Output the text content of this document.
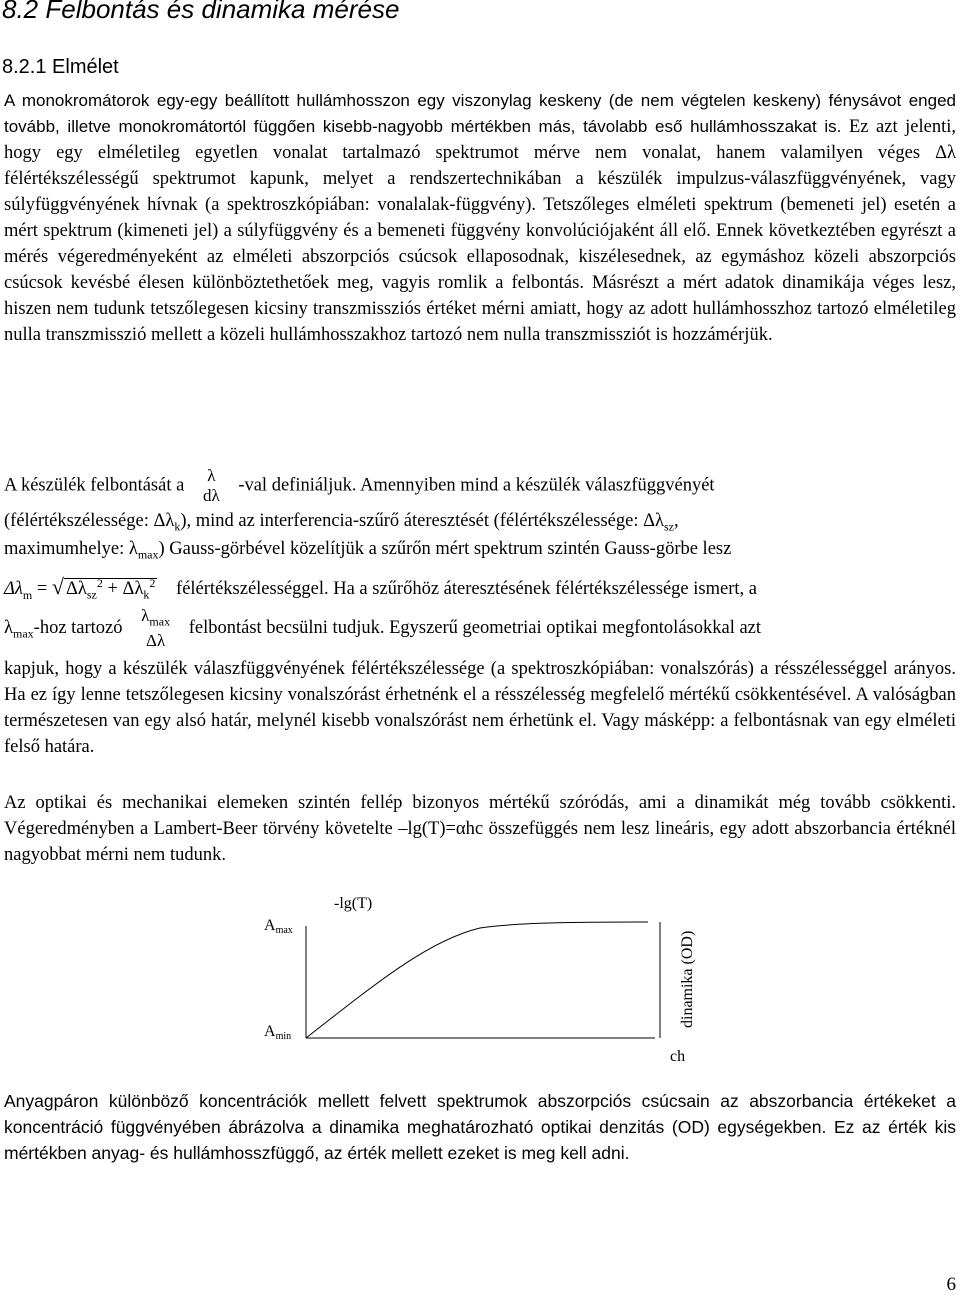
8.2 Felbontás és dinamika mérése
8.2.1 Elmélet

A monokromátorok egy-egy beállított hullámhosszon egy viszonylag keskeny (de nem végtelen keskeny) fénysávot enged tovább, illetve monokromátortól függően kisebb-nagyobb mértékben más, távolabb eső hullámhosszakat is. Ez azt jelenti, hogy egy elméletileg egyetlen vonalat tartalmazó spektrumot mérve nem vonalat, hanem valamilyen véges Δλ félértékszélességű spektrumot kapunk, melyet a rendszertechnikában a készülék impulzus-válaszfüggvényének, vagy súlyfüggvényének hívnak (a spektroszkópiában: vonalalak-függvény). Tetszőleges elméleti spektrum (bemeneti jel) esetén a mért spektrum (kimeneti jel) a súlyfüggvény és a bemeneti függvény konvolúciójaként áll elő. Ennek következtében egyrészt a mérés végeredményeként az elméleti abszorpciós csúcsok ellaposodnak, kiszélesednek, az egymáshoz közeli abszorpciós csúcsok kevésbé élesen különböztethetőek meg, vagyis romlik a felbontás. Másrészt a mért adatok dinamikája véges lesz, hiszen nem tudunk tetszőlegesen kicsiny transzmissziós értéket mérni amiatt, hogy az adott hullámhosszhoz tartozó elméletileg nulla transzmisszió mellett a közeli hullámhosszakhoz tartozó nem nulla transzmissziót is hozzámérjük.

A készülék felbontását a	λ
dλ
-val definiáljuk. Amennyiben mind a készülék válaszfüggvényét
(félértékszélessége: $\Delta\lambda_k$), mind az interferencia-szűrő áteresztését (félértékszélessége: $\Delta\lambda_{sz}$,
maximumhelye: $\lambda_{max}$) Gauss-görbével közelítjük a szűrőn mért spektrum szintén Gauss-görbe lesz
$\Delta\lambda_m$ = √ $\Delta\lambda_{sz}^2 + \Delta\lambda_k^2$ félértékszélességgel. Ha a szűrőhöz áteresztésének félértékszélessége ismert, a
$\lambda_{max}$-hoz tartozó
$\lambda_{max}$
Δλ
felbontást becsülni tudjuk. Egyszerű geometriai optikai megfontolásokkal azt

kapjuk, hogy a készülék válaszfüggvényének félértékszélessége (a spektroszkópiában: vonalszórás) a résszélességgel arányos. Ha ez így lenne tetszőlegesen kicsiny vonalszórást érhetnénk el a résszélesség megfelelő mértékű csökkentésével. A valóságban természetesen van egy alsó határ, melynél kisebb vonalszórást nem érhetünk el. Vagy másképp: a felbontásnak van egy elméleti felső határa.

Az optikai és mechanikai elemeken szintén fellép bizonyos mértékű szóródás, ami a dinamikát még tovább csökkenti. Végeredményben a Lambert-Beer törvény követelte –lg(T)=αhc összefüggés nem lesz lineáris, egy adott abszorbancia értéknél nagyobbat mérni nem tudunk.

Amax
Amin
-lg(T)
ch
dinamika (OD)

Anyagpáron különböző koncentrációk mellett felvett spektrumok abszorpciós csúcsain az abszorbancia értékeket a koncentráció függvényében ábrázolva a dinamika meghatározható optikai denzitás (OD) egységekben. Ez az érték kis mértékben anyag- és hullámhosszfüggő, az érték mellett ezeket is meg kell adni.

6
